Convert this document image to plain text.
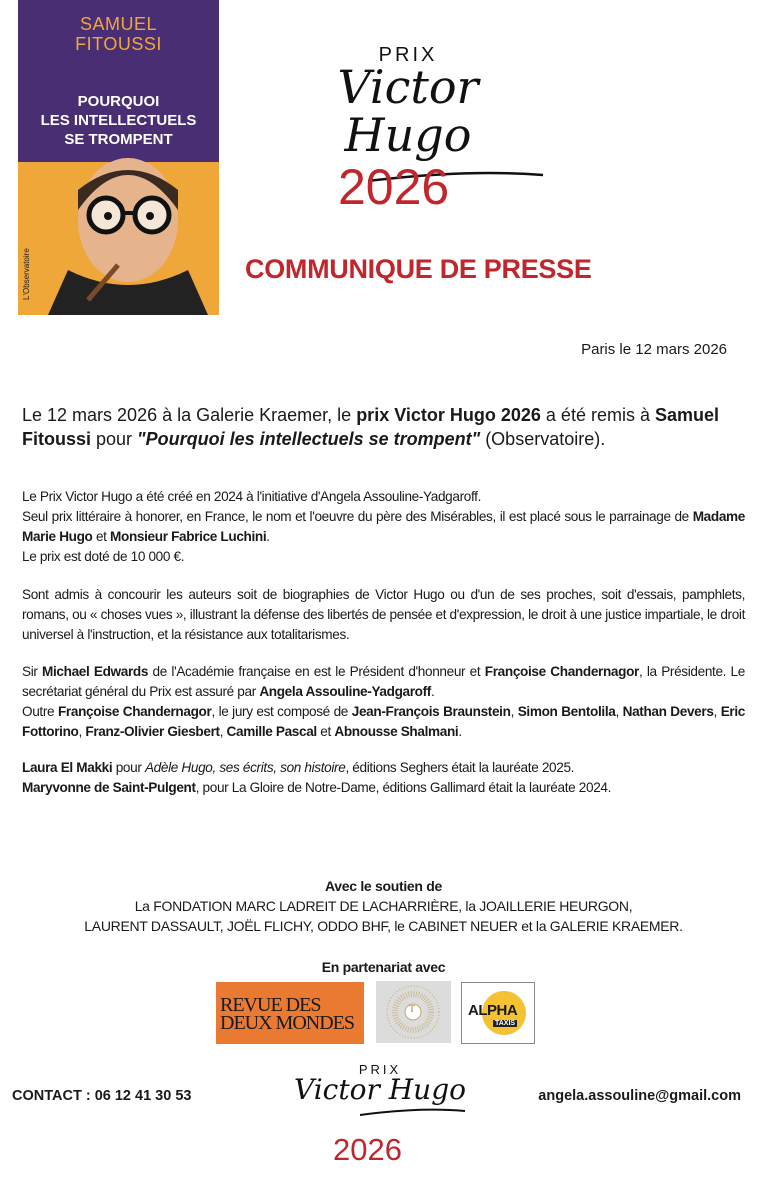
SAMUEL
FITOUSSI
POURQUOI
LES INTELLECTUELS
SE TROMPENT
L'Observatoire
PRIX
Victor Hugo
2026
COMMUNIQUE DE PRESSE
Paris le 12 mars 2026
Le 12 mars 2026 à la Galerie Kraemer, le prix Victor Hugo 2026 a été remis à Samuel Fitoussi pour "Pourquoi les intellectuels se trompent" (Observatoire).
Le Prix Victor Hugo a été créé en 2024 à l'initiative d'Angela Assouline-Yadgaroff.
Seul prix littéraire à honorer, en France, le nom et l'oeuvre du père des Misérables, il est placé sous le parrainage de Madame Marie Hugo et Monsieur Fabrice Luchini.
Le prix est doté de 10 000 €.
Sont admis à concourir les auteurs soit de biographies de Victor Hugo ou d'un de ses proches, soit d'essais, pamphlets, romans, ou « choses vues », illustrant la défense des libertés de pensée et d'expression, le droit à une justice impartiale, le droit universel à l'instruction, et la résistance aux totalitarismes.
Sir Michael Edwards de l'Académie française en est le Président d'honneur et Françoise Chandernagor, la Présidente. Le secrétariat général du Prix est assuré par Angela Assouline-Yadgaroff.
Outre Françoise Chandernagor, le jury est composé de Jean-François Braunstein, Simon Bentolila, Nathan Devers, Eric Fottorino, Franz-Olivier Giesbert, Camille Pascal et Abnousse Shalmani.
Laura El Makki pour Adèle Hugo, ses écrits, son histoire, éditions Seghers était la lauréate 2025.
Maryvonne de Saint-Pulgent, pour La Gloire de Notre-Dame, éditions Gallimard était la lauréate 2024.
Avec le soutien de
La FONDATION MARC LADREIT DE LACHARRIÈRE, la JOAILLERIE HEURGON,
LAURENT DASSAULT, JOËL FLICHY, ODDO BHF, le CABINET NEUER et la GALERIE KRAEMER.
En partenariat avec
REVUE DES
DEUX MONDES
T	ALPHA
TAXIS
CONTACT : 06 12 41 30 53	angela.assouline@gmail.com
PRIX
Victor Hugo
2026
